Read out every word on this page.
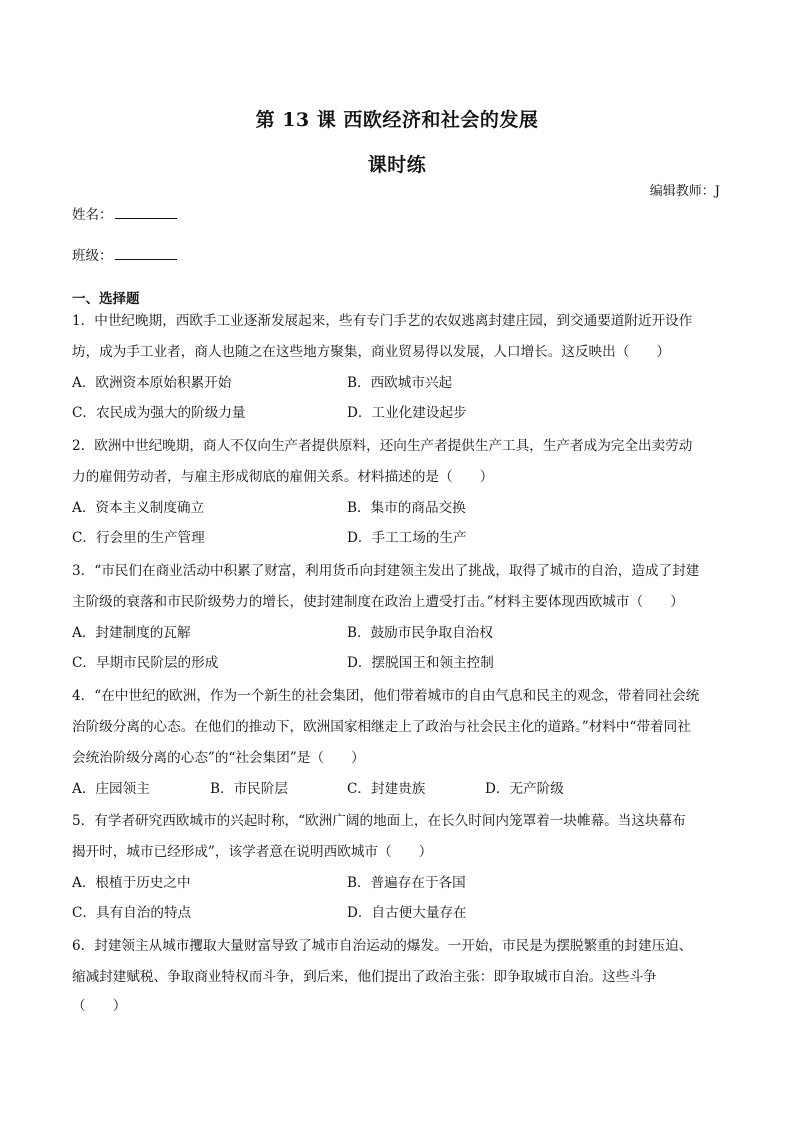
第 13 课 西欧经济和社会的发展
课时练
编辑教师：J
姓名：
班级：
一、选择题
1．中世纪晚期，西欧手工业逐渐发展起来，些有专门手艺的农奴逃离封建庄园，到交通要道附近开设作
坊，成为手工业者，商人也随之在这些地方聚集，商业贸易得以发展，人口增长。这反映出（　　）
A．欧洲资本原始积累开始	B．西欧城市兴起
C．农民成为强大的阶级力量	D．工业化建设起步
2．欧洲中世纪晚期，商人不仅向生产者提供原料，还向生产者提供生产工具，生产者成为完全出卖劳动
力的雇佣劳动者，与雇主形成彻底的雇佣关系。材料描述的是（　　）
A．资本主义制度确立	B．集市的商品交换
C．行会里的生产管理	D．手工工场的生产
3．“市民们在商业活动中积累了财富，利用货币向封建领主发出了挑战，取得了城市的自治，造成了封建
主阶级的衰落和市民阶级势力的增长，使封建制度在政治上遭受打击。”材料主要体现西欧城市（　　）
A．封建制度的瓦解	B．鼓励市民争取自治权
C．早期市民阶层的形成	D．摆脱国王和领主控制
4．“在中世纪的欧洲，作为一个新生的社会集团，他们带着城市的自由气息和民主的观念，带着同社会统
治阶级分离的心态。在他们的推动下，欧洲国家相继走上了政治与社会民主化的道路。”材料中“带着同社
会统治阶级分离的心态”的“社会集团”是（　　）
A．庄园领主	B．市民阶层	C．封建贵族	D．无产阶级
5．有学者研究西欧城市的兴起时称，“欧洲广阔的地面上，在长久时间内笼罩着一块帷幕。当这块幕布
揭开时，城市已经形成”，该学者意在说明西欧城市（　　）
A．根植于历史之中	B．普遍存在于各国
C．具有自治的特点	D．自古便大量存在
6．封建领主从城市攫取大量财富导致了城市自治运动的爆发。一开始，市民是为摆脱繁重的封建压迫、
缩减封建赋税、争取商业特权而斗争，到后来，他们提出了政治主张：即争取城市自治。这些斗争
（　　）
